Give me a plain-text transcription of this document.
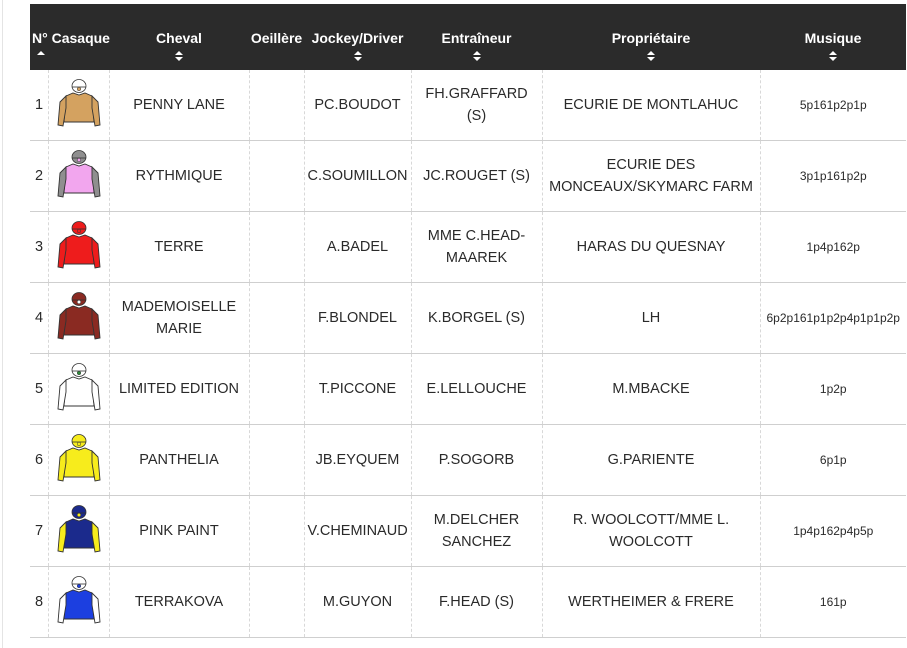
N° Casaque		Cheval	Oeillère	Jockey/Driver	Entraîneur	Propriétaire	Musique

1		PENNY LANE		PC.BOUDOT	FH.GRAFFARD (S)	ECURIE DE MONTLAHUC	5p161p2p1p
2		RYTHMIQUE		C.SOUMILLON	JC.ROUGET (S)	ECURIE DES MONCEAUX/SKYMARC FARM	3p1p161p2p
3		TERRE		A.BADEL	MME C.HEAD-MAAREK	HARAS DU QUESNAY	1p4p162p
4		MADEMOISELLE MARIE		F.BLONDEL	K.BORGEL (S)	LH	6p2p161p1p2p4p1p1p2p
5		LIMITED EDITION		T.PICCONE	E.LELLOUCHE	M.MBACKE	1p2p
6		PANTHELIA		JB.EYQUEM	P.SOGORB	G.PARIENTE	6p1p
7		PINK PAINT		V.CHEMINAUD	M.DELCHER SANCHEZ	R. WOOLCOTT/MME L. WOOLCOTT	1p4p162p4p5p
8		TERRAKOVA		M.GUYON	F.HEAD (S)	WERTHEIMER & FRERE	161p
